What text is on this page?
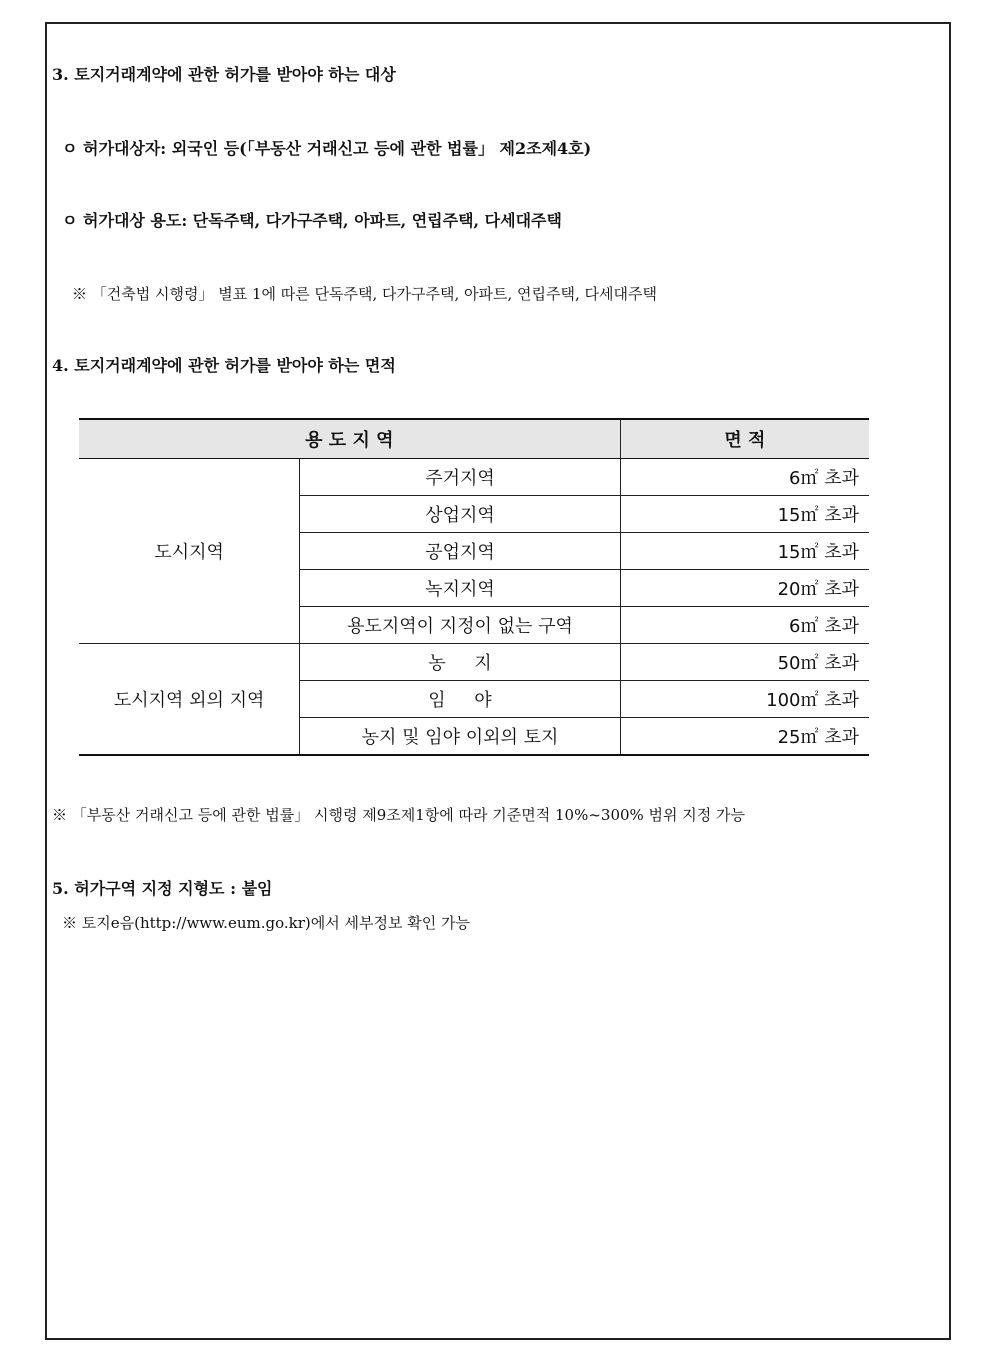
3. 토지거래계약에 관한 허가를 받아야 하는 대상
ㅇ 허가대상자: 외국인 등(「부동산 거래신고 등에 관한 법률」 제2조제4호)
ㅇ 허가대상 용도: 단독주택, 다가구주택, 아파트, 연립주택, 다세대주택
※ 「건축법 시행령」 별표 1에 따른 단독주택, 다가구주택, 아파트, 연립주택, 다세대주택
4. 토지거래계약에 관한 허가를 받아야 하는 면적
용 도 지 역		면 적
도시지역	주거지역	6㎡ 초과
	상업지역	15㎡ 초과
	공업지역	15㎡ 초과
	녹지지역	20㎡ 초과
	용도지역이 지정이 없는 구역	6㎡ 초과
도시지역 외의 지역	농     지	50㎡ 초과
	임     야	100㎡ 초과
	농지 및 임야 이외의 토지	25㎡ 초과
※ 「부동산 거래신고 등에 관한 법률」 시행령 제9조제1항에 따라 기준면적 10%~300% 범위 지정 가능
5. 허가구역 지정 지형도 : 붙임
※ 토지e음(http://www.eum.go.kr)에서 세부정보 확인 가능
